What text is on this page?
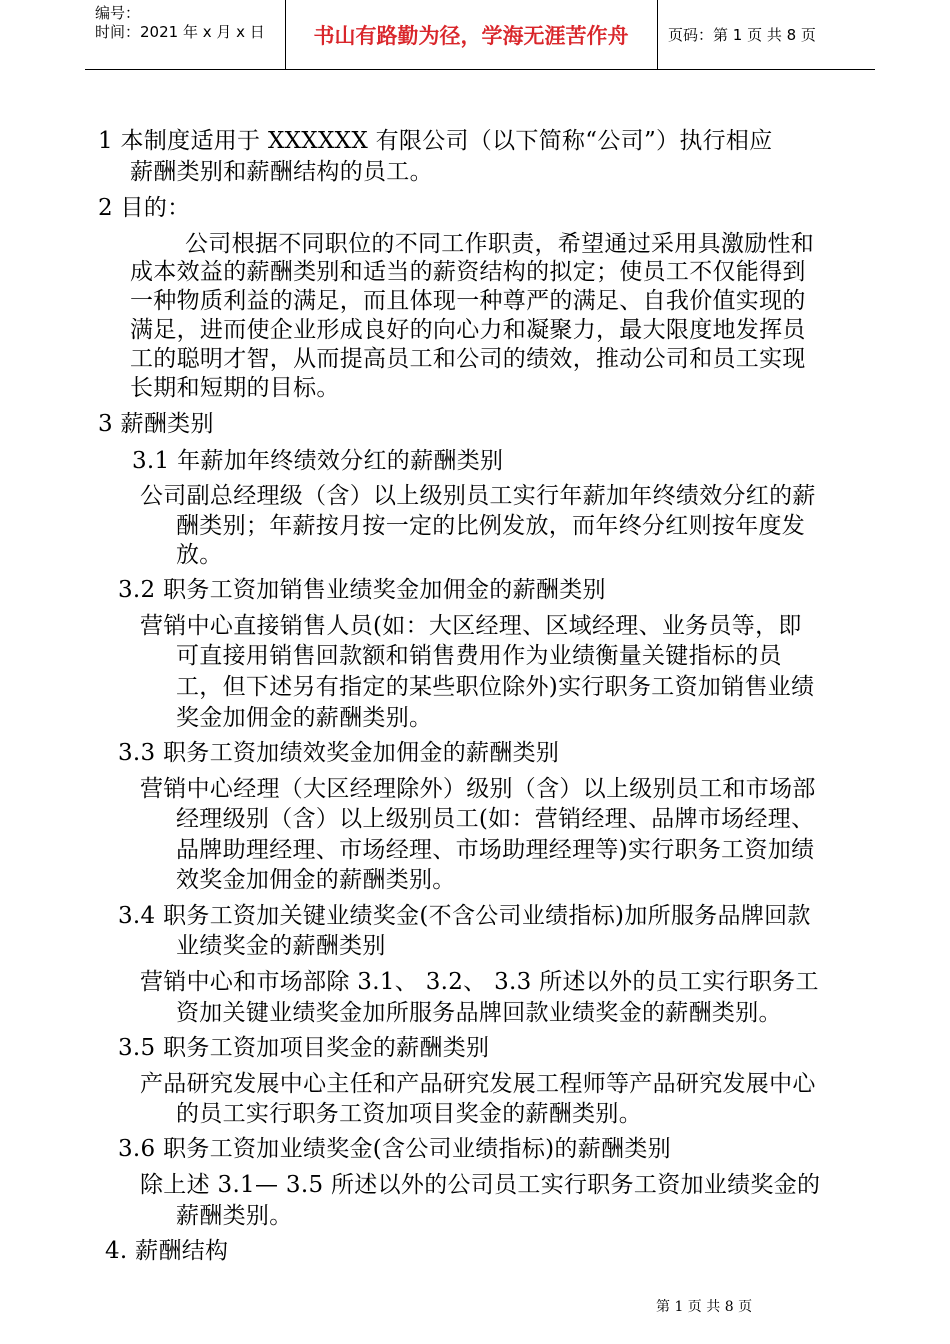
编号：
时间：2021 年 x 月 x 日 书山有路勤为径，学海无涯苦作舟	页码：第 1 页 共 8 页
1 本制度适用于 XXXXXX 有限公司（以下简称“公司”）执行相应
薪酬类别和薪酬结构的员工。
2 目的：
公司根据不同职位的不同工作职责，希望通过采用具激励性和
成本效益的薪酬类别和适当的薪资结构的拟定；使员工不仅能得到
一种物质利益的满足，而且体现一种尊严的满足、自我价值实现的
满足，进而使企业形成良好的向心力和凝聚力，最大限度地发挥员
工的聪明才智，从而提高员工和公司的绩效，推动公司和员工实现
长期和短期的目标。
3 薪酬类别
3.1 年薪加年终绩效分红的薪酬类别
公司副总经理级（含）以上级别员工实行年薪加年终绩效分红的薪
酬类别；年薪按月按一定的比例发放，而年终分红则按年度发
放。
3.2 职务工资加销售业绩奖金加佣金的薪酬类别
营销中心直接销售人员(如：大区经理、区域经理、业务员等，即
可直接用销售回款额和销售费用作为业绩衡量关键指标的员
工，但下述另有指定的某些职位除外)实行职务工资加销售业绩
奖金加佣金的薪酬类别。
3.3 职务工资加绩效奖金加佣金的薪酬类别
营销中心经理（大区经理除外）级别（含）以上级别员工和市场部
经理级别（含）以上级别员工(如：营销经理、品牌市场经理、
品牌助理经理、市场经理、市场助理经理等)实行职务工资加绩
效奖金加佣金的薪酬类别。
3.4 职务工资加关键业绩奖金(不含公司业绩指标)加所服务品牌回款
业绩奖金的薪酬类别
营销中心和市场部除 3.1、 3.2、 3.3 所述以外的员工实行职务工
资加关键业绩奖金加所服务品牌回款业绩奖金的薪酬类别。
3.5 职务工资加项目奖金的薪酬类别
产品研究发展中心主任和产品研究发展工程师等产品研究发展中心
的员工实行职务工资加项目奖金的薪酬类别。
3.6 职务工资加业绩奖金(含公司业绩指标)的薪酬类别
除上述 3.1— 3.5 所述以外的公司员工实行职务工资加业绩奖金的
薪酬类别。
4. 薪酬结构
第 1 页 共 8 页
